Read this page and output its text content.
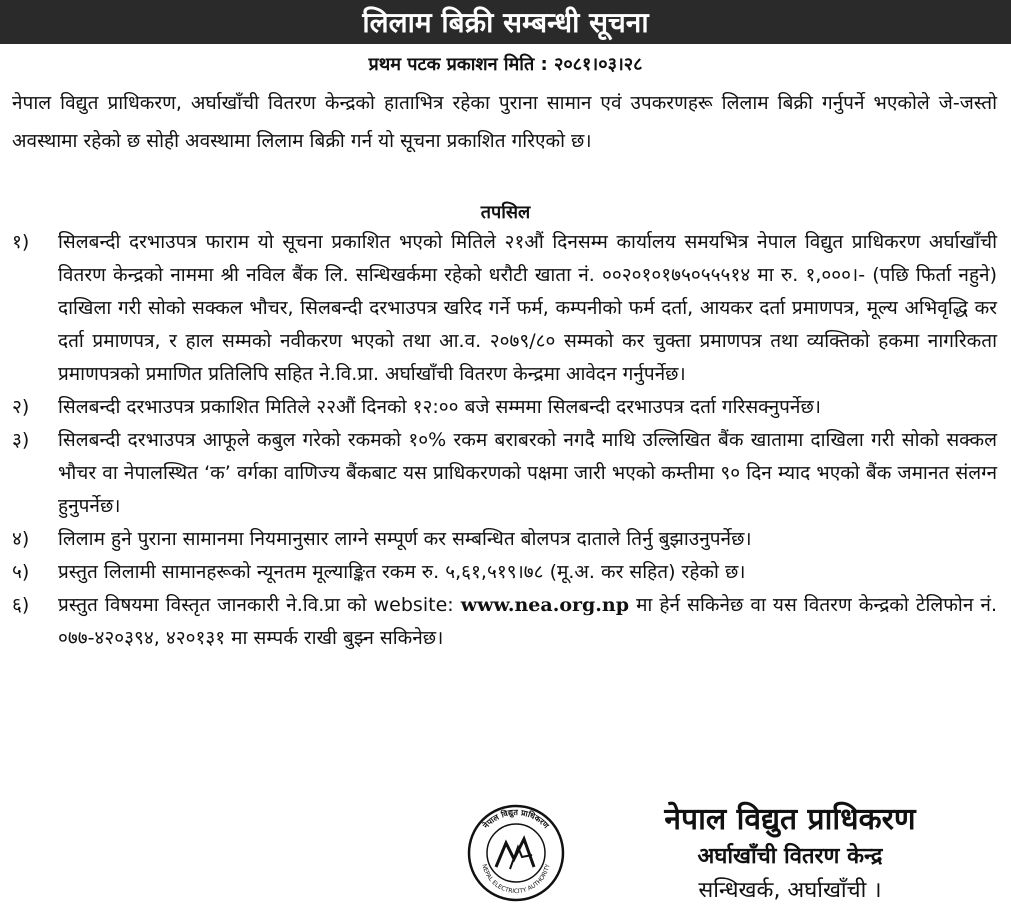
लिलाम बिक्री सम्बन्धी सूचना
प्रथम पटक प्रकाशन मिति : २०८१।०३।२८
नेपाल विद्युत प्राधिकरण, अर्घाखाँची वितरण केन्द्रको हाताभित्र रहेका पुराना सामान एवं उपकरणहरू लिलाम बिक्री गर्नुपर्ने भएकोले जे-जस्तो अवस्थामा रहेको छ सोही अवस्थामा लिलाम बिक्री गर्न यो सूचना प्रकाशित गरिएको छ।
तपसिल
१)	सिलबन्दी दरभाउपत्र फाराम यो सूचना प्रकाशित भएको मितिले २१औं दिनसम्म कार्यालय समयभित्र नेपाल विद्युत प्राधिकरण अर्घाखाँची वितरण केन्द्रको नाममा श्री नविल बैंक लि. सन्धिखर्कमा रहेको धरौटी खाता नं. ००२०१०१७५०५५५१४ मा रु. १,०००।- (पछि फिर्ता नहुने) दाखिला गरी सोको सक्कल भौचर, सिलबन्दी दरभाउपत्र खरिद गर्ने फर्म, कम्पनीको फर्म दर्ता, आयकर दर्ता प्रमाणपत्र, मूल्य अभिवृद्धि कर दर्ता प्रमाणपत्र, र हाल सम्मको नवीकरण भएको तथा आ.व. २०७९/८० सम्मको कर चुक्ता प्रमाणपत्र तथा व्यक्तिको हकमा नागरिकता प्रमाणपत्रको प्रमाणित प्रतिलिपि सहित ने.वि.प्रा. अर्घाखाँची वितरण केन्द्रमा आवेदन गर्नुपर्नेछ।
२)	सिलबन्दी दरभाउपत्र प्रकाशित मितिले २२औं दिनको १२:०० बजे सम्ममा सिलबन्दी दरभाउपत्र दर्ता गरिसक्नुपर्नेछ।
३)	सिलबन्दी दरभाउपत्र आफूले कबुल गरेको रकमको १०% रकम बराबरको नगदै माथि उल्लिखित बैंक खातामा दाखिला गरी सोको सक्कल भौचर वा नेपालस्थित ‘क’ वर्गका वाणिज्य बैंकबाट यस प्राधिकरणको पक्षमा जारी भएको कम्तीमा ९० दिन म्याद भएको बैंक जमानत संलग्न हुनुपर्नेछ।
४)	लिलाम हुने पुराना सामानमा नियमानुसार लाग्ने सम्पूर्ण कर सम्बन्धित बोलपत्र दाताले तिर्नु बुझाउनुपर्नेछ।
५)	प्रस्तुत लिलामी सामानहरूको न्यूनतम मूल्याङ्कित रकम रु. ५,६१,५१९।७८ (मू.अ. कर सहित) रहेको छ।
६)	प्रस्तुत विषयमा विस्तृत जानकारी ने.वि.प्रा को website: www.nea.org.np मा हेर्न सकिनेछ वा यस वितरण केन्द्रको टेलिफोन नं. ०७७-४२०३९४, ४२०१३१ मा सम्पर्क राखी बुझ्न सकिनेछ।
नेपाल विद्युत प्राधिकरण
NEPAL ELECTRICITY AUTHORITY
नेपाल विद्युत प्राधिकरण
अर्घाखाँची वितरण केन्द्र
सन्धिखर्क, अर्घाखाँची ।
